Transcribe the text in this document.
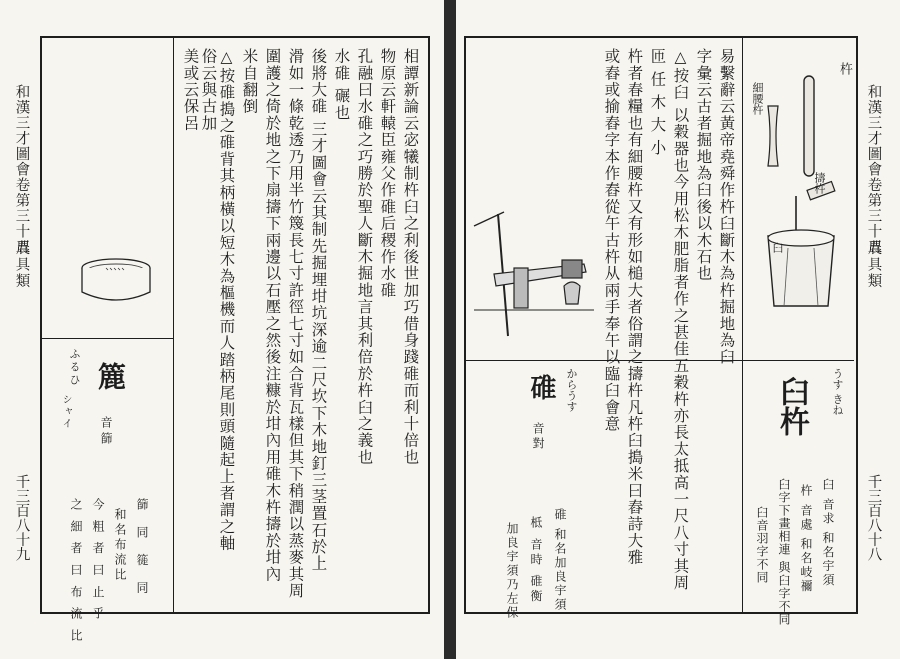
和漢三才圖會卷第三十五
農具類
千三百八十九
ふるひ
シャイ
簏
音篩
篩 同 簁 同
和名布流比
今 粗 者 曰 止 乎
之 細 者 曰 布 流 比
相譚新論云宓犧制杵臼之利後世加巧借身踐碓而利十倍也
物原云軒轅臣雍父作碓后稷作水碓
孔融曰水碓之巧勝於聖人斷木掘地言其利倍於杵臼之義也
水碓 碾也
後將大碓 三才圖會云其制先掘埋坩坑深逾二尺坎下木地釘三茎置石於上
滑如一條乾透乃用半竹篾長七寸許徑七寸如合背瓦樣但其下稍潤以蒸麥其周
圍護之倚於地之下扇擣下兩邊以石壓之然後注糠於坩內用碓木杵擣於坩內
米自翻倒
△按碓搗之碓背其柄橫以短木為樞機而人踏柄尾則頭隨起上者謂之軸
俗云與古加
美或云保呂	易繫辭云黃帝堯舜作杵臼斷木為杵掘地為臼
字彙云古者掘地為臼後以木石也
△按臼 以穀器也今用松木肥脂者作之甚佳五穀杵亦長太抵高一尺八寸其周
匝 任 木 大 小
杵者春糧也有細腰杵又有形如槌大者俗謂之擣杵凡杵臼搗米曰舂詩大雅
或舂或揄舂字本作舂從午古杵从兩手奉午以臨臼會意	杵
細腰杵
擣杵
臼
うす きね
臼杵
臼 音求 和名宇須
杵 音處 和名岐禰
臼字下畫相連 與臼字不同
臼音羽字不同
からうす
碓
音對
碓 和名加良宇須
柢 音時 碓衡
加良宇須乃左保
和漢三才圖會卷第三十五
農具類
千三百八十八
